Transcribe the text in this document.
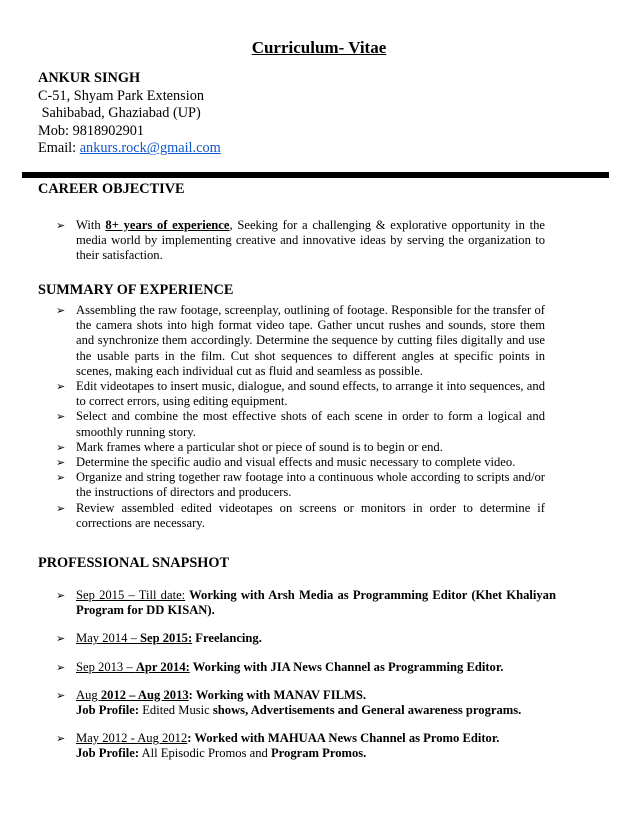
Curriculum- Vitae
ANKUR SINGH
C-51, Shyam Park Extension
Sahibabad, Ghaziabad (UP)
Mob: 9818902901
Email: ankurs.rock@gmail.com
CAREER OBJECTIVE
➢ With 8+ years of experience, Seeking for a challenging & explorative opportunity in the media world by implementing creative and innovative ideas by serving the organization to their satisfaction.
SUMMARY OF EXPERIENCE
➢ Assembling the raw footage, screenplay, outlining of footage. Responsible for the transfer of the camera shots into high format video tape. Gather uncut rushes and sounds, store them and synchronize them accordingly. Determine the sequence by cutting files digitally and use the usable parts in the film. Cut shot sequences to different angles at specific points in scenes, making each individual cut as fluid and seamless as possible.
➢ Edit videotapes to insert music, dialogue, and sound effects, to arrange it into sequences, and to correct errors, using editing equipment.
➢ Select and combine the most effective shots of each scene in order to form a logical and smoothly running story.
➢ Mark frames where a particular shot or piece of sound is to begin or end.
➢ Determine the specific audio and visual effects and music necessary to complete video.
➢ Organize and string together raw footage into a continuous whole according to scripts and/or the instructions of directors and producers.
➢ Review assembled edited videotapes on screens or monitors in order to determine if corrections are necessary.
PROFESSIONAL SNAPSHOT
➢ Sep 2015 – Till date: Working with Arsh Media as Programming Editor (Khet Khaliyan Program for DD KISAN).
➢ May 2014 – Sep 2015: Freelancing.
➢ Sep 2013 – Apr 2014: Working with JIA News Channel as Programming Editor.
➢ Aug 2012 – Aug 2013: Working with MANAV FILMS.
Job Profile: Edited Music shows, Advertisements and General awareness programs.
➢ May 2012 - Aug 2012: Worked with MAHUAA News Channel as Promo Editor.
Job Profile: All Episodic Promos and Program Promos.
